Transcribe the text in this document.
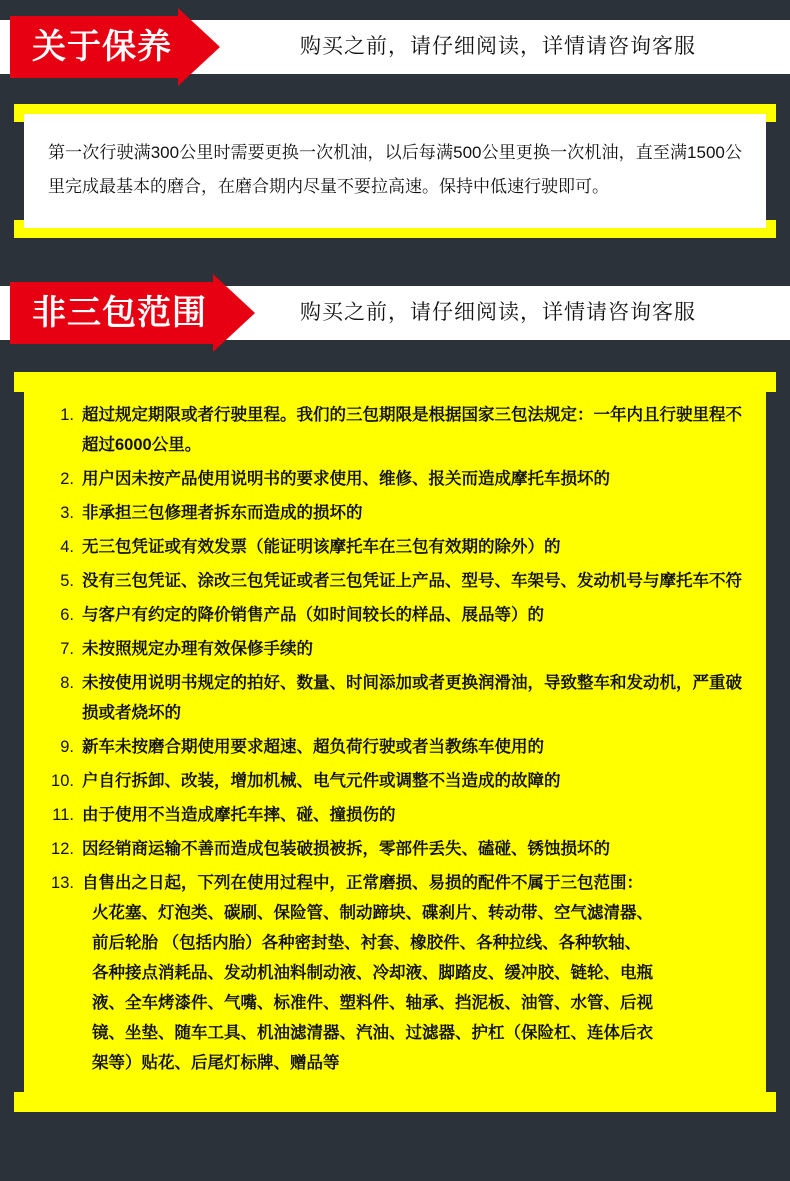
关于保养	购买之前，请仔细阅读，详情请咨询客服

第一次行驶满300公里时需要更换一次机油，以后每满500公里更换一次机油，直至满1500公里完成最基本的磨合，在磨合期内尽量不要拉高速。保持中低速行驶即可。

非三包范围	购买之前，请仔细阅读，详情请咨询客服
超过规定期限或者行驶里程。我们的三包期限是根据国家三包法规定：一年内且行驶里程不超过6000公里。
用户因未按产品使用说明书的要求使用、维修、报关而造成摩托车损坏的
非承担三包修理者拆东而造成的损坏的
无三包凭证或有效发票（能证明该摩托车在三包有效期的除外）的
没有三包凭证、涂改三包凭证或者三包凭证上产品、型号、车架号、发动机号与摩托车不符
与客户有约定的降价销售产品（如时间较长的样品、展品等）的
未按照规定办理有效保修手续的
未按使用说明书规定的拍好、数量、时间添加或者更换润滑油，导致整车和发动机，严重破损或者烧坏的
新车未按磨合期使用要求超速、超负荷行驶或者当教练车使用的
户自行拆卸、改装，增加机械、电气元件或调整不当造成的故障的
由于使用不当造成摩托车摔、碰、撞损伤的
因经销商运输不善而造成包装破损被拆，零部件丢失、磕碰、锈蚀损坏的
自售出之日起，下列在使用过程中，正常磨损、易损的配件不属于三包范围：
火花塞、灯泡类、碳刷、保险管、制动蹄块、碟刹片、转动带、空气滤清器、
前后轮胎 （包括内胎）各种密封垫、衬套、橡胶件、各种拉线、各种软轴、
各种接点消耗品、发动机油料制动液、冷却液、脚踏皮、缓冲胶、链轮、电瓶
液、全车烤漆件、气嘴、标准件、塑料件、轴承、挡泥板、油管、水管、后视
镜、坐垫、随车工具、机油滤清器、汽油、过滤器、护杠（保险杠、连体后衣
架等）贴花、后尾灯标牌、赠品等
